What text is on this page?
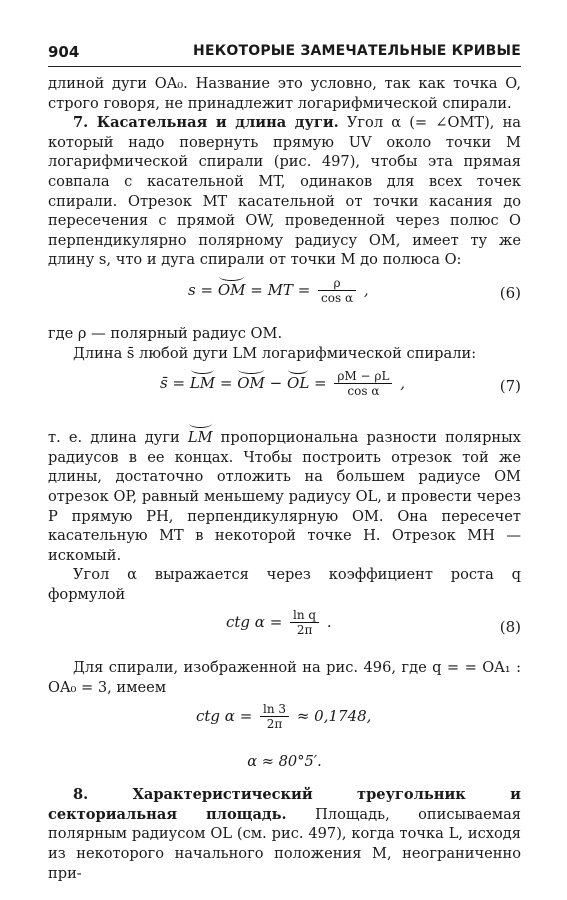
904	НЕКОТОРЫЕ ЗАМЕЧАТЕЛЬНЫЕ КРИВЫЕ

длиной дуги OA₀. Название это условно, так как точка O, строго говоря, не принадлежит логарифмической спирали.

7. Касательная и длина дуги. Угол α (= ∠OMT), на который надо повернуть прямую UV около точки M логарифмической спирали (рис. 497), чтобы эта прямая совпала с касательной MT, одинаков для всех точек спирали. Отрезок MT касательной от точки касания до пересечения с прямой OW, проведенной через полюс O перпендикулярно полярному радиусу OM, имеет ту же длину s, что и дуга спирали от точки M до полюса O:

s = OM = MT = $\frac{\rho}{\text{cos α}}$ ,	(6)

где ρ — полярный радиус OM.

Длина s̄ любой дуги LM логарифмической спирали:

s̄ = LM = OM − OL = $\frac{\rho M - \rho L}{\text{cos α}}$ ,	(7)

т. е. длина дуги LM пропорциональна разности полярных радиусов в ее концах. Чтобы построить отрезок той же длины, достаточно отложить на большем радиусе OM отрезок OP, равный меньшему радиусу OL, и провести через P прямую PH, перпендикулярную OM. Она пересечет касательную MT в некоторой точке H. Отрезок MH — искомый.

Угол α выражается через коэффициент роста q формулой

ctg $\alpha = \frac{\text{ln q}}{2\pi}$ .	(8)

Для спирали, изображенной на рис. 496, где q = = OA₁ : OA₀ = 3, имеем

ctg $\alpha = \frac{\ln 3}{2\pi} \approx 0,1748$,

α ≈ 80°5′.

8. Характеристический треугольник и секториальная площадь. Площадь, описываемая полярным радиусом OL (см. рис. 497), когда точка L, исходя из некоторого начального положения M, неограниченно при-
